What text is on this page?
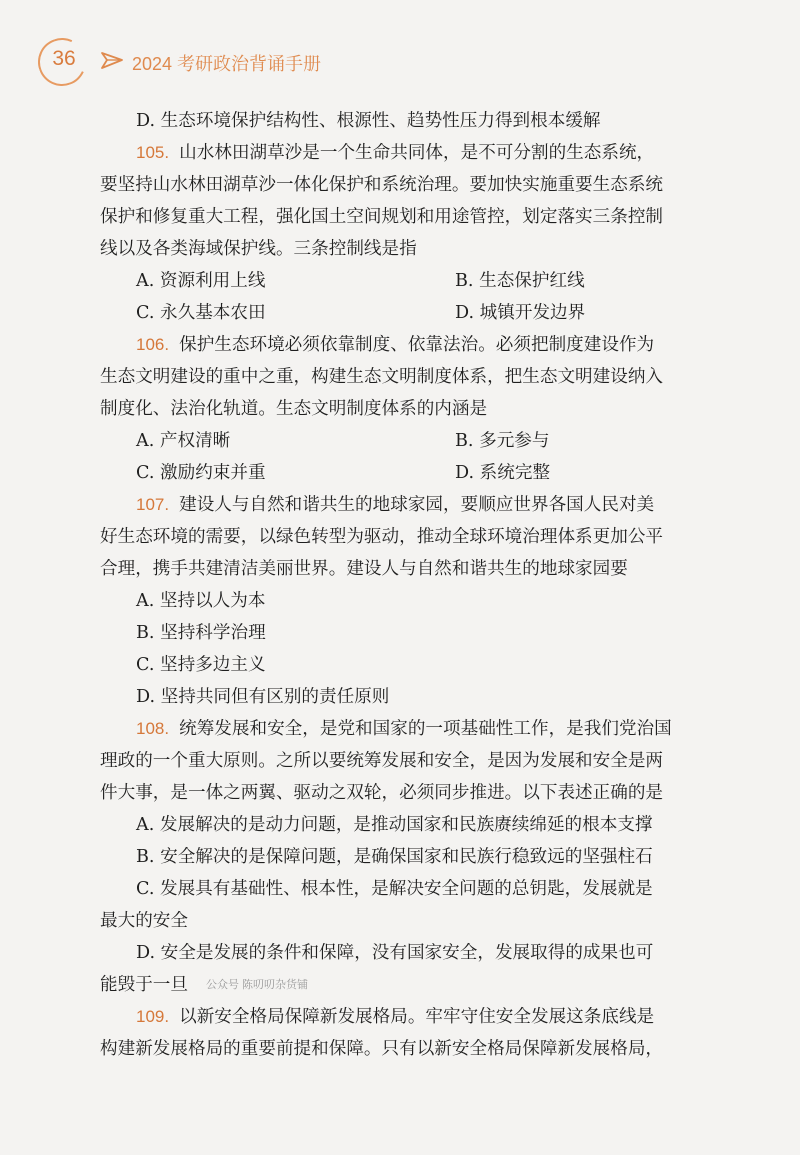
36	2024 考研政治背诵手册
D. 生态环境保护结构性、根源性、趋势性压力得到根本缓解
105. 山水林田湖草沙是一个生命共同体，是不可分割的生态系统，
要坚持山水林田湖草沙一体化保护和系统治理。要加快实施重要生态系统
保护和修复重大工程，强化国土空间规划和用途管控，划定落实三条控制
线以及各类海域保护线。三条控制线是指
A. 资源利用上线	B. 生态保护红线
C. 永久基本农田	D. 城镇开发边界
106. 保护生态环境必须依靠制度、依靠法治。必须把制度建设作为
生态文明建设的重中之重，构建生态文明制度体系，把生态文明建设纳入
制度化、法治化轨道。生态文明制度体系的内涵是
A. 产权清晰	B. 多元参与
C. 激励约束并重	D. 系统完整
107. 建设人与自然和谐共生的地球家园，要顺应世界各国人民对美
好生态环境的需要，以绿色转型为驱动，推动全球环境治理体系更加公平
合理，携手共建清洁美丽世界。建设人与自然和谐共生的地球家园要
A. 坚持以人为本
B. 坚持科学治理
C. 坚持多边主义
D. 坚持共同但有区别的责任原则
108. 统筹发展和安全，是党和国家的一项基础性工作，是我们党治国
理政的一个重大原则。之所以要统筹发展和安全，是因为发展和安全是两
件大事，是一体之两翼、驱动之双轮，必须同步推进。以下表述正确的是
A. 发展解决的是动力问题，是推动国家和民族赓续绵延的根本支撑
B. 安全解决的是保障问题，是确保国家和民族行稳致远的坚强柱石
C. 发展具有基础性、根本性，是解决安全问题的总钥匙，发展就是
最大的安全
D. 安全是发展的条件和保障，没有国家安全，发展取得的成果也可
能毁于一旦 公众号 陈叨叨杂货铺
109. 以新安全格局保障新发展格局。牢牢守住安全发展这条底线是
构建新发展格局的重要前提和保障。只有以新安全格局保障新发展格局，
